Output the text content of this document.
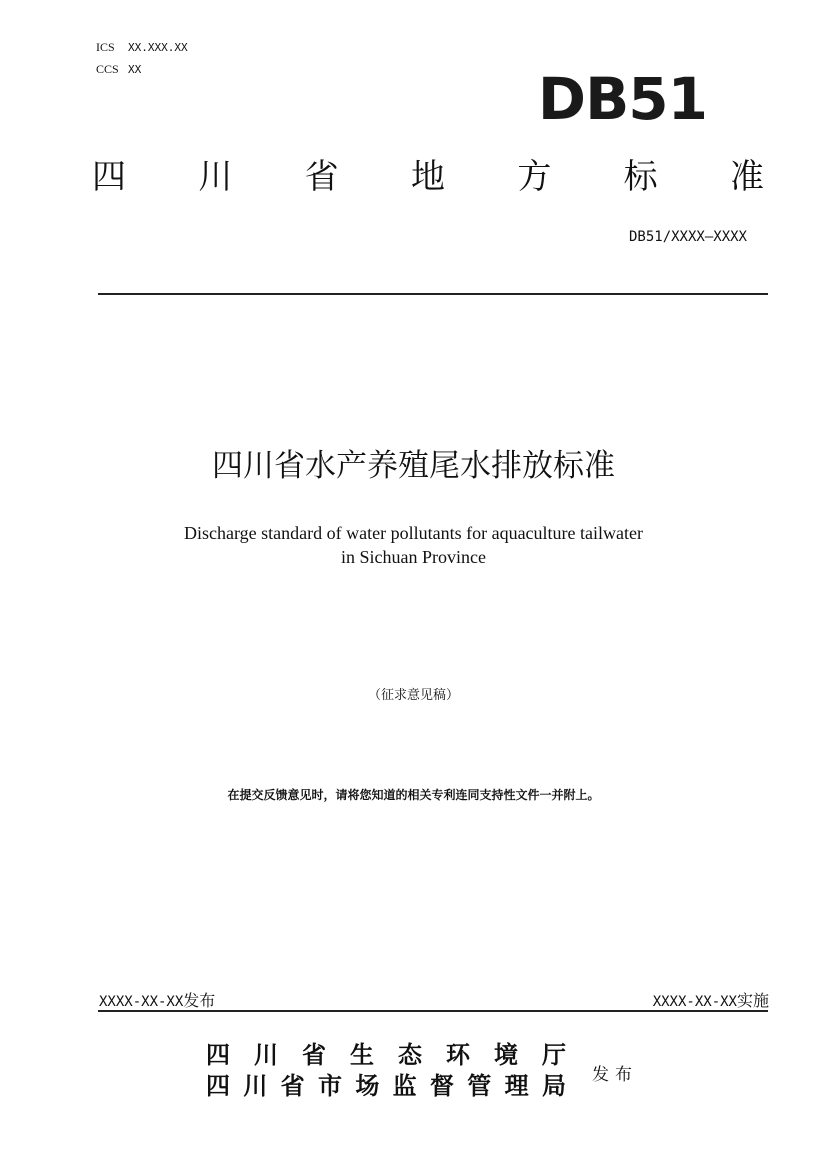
ICS XX.XXX.XX
CCS XX	DB51
四 川 省 地 方 标 准
DB51/XXXX—XXXX
四川省水产养殖尾水排放标准
Discharge standard of water pollutants for aquaculture tailwater
in Sichuan Province
（征求意见稿）
在提交反馈意见时，请将您知道的相关专利连同支持性文件一并附上。
XXXX-XX-XX发布	XXXX-XX-XX实施
四 川 省 生 态 环 境 厅
四 川 省 市 场 监 督 管 理 局 发布
